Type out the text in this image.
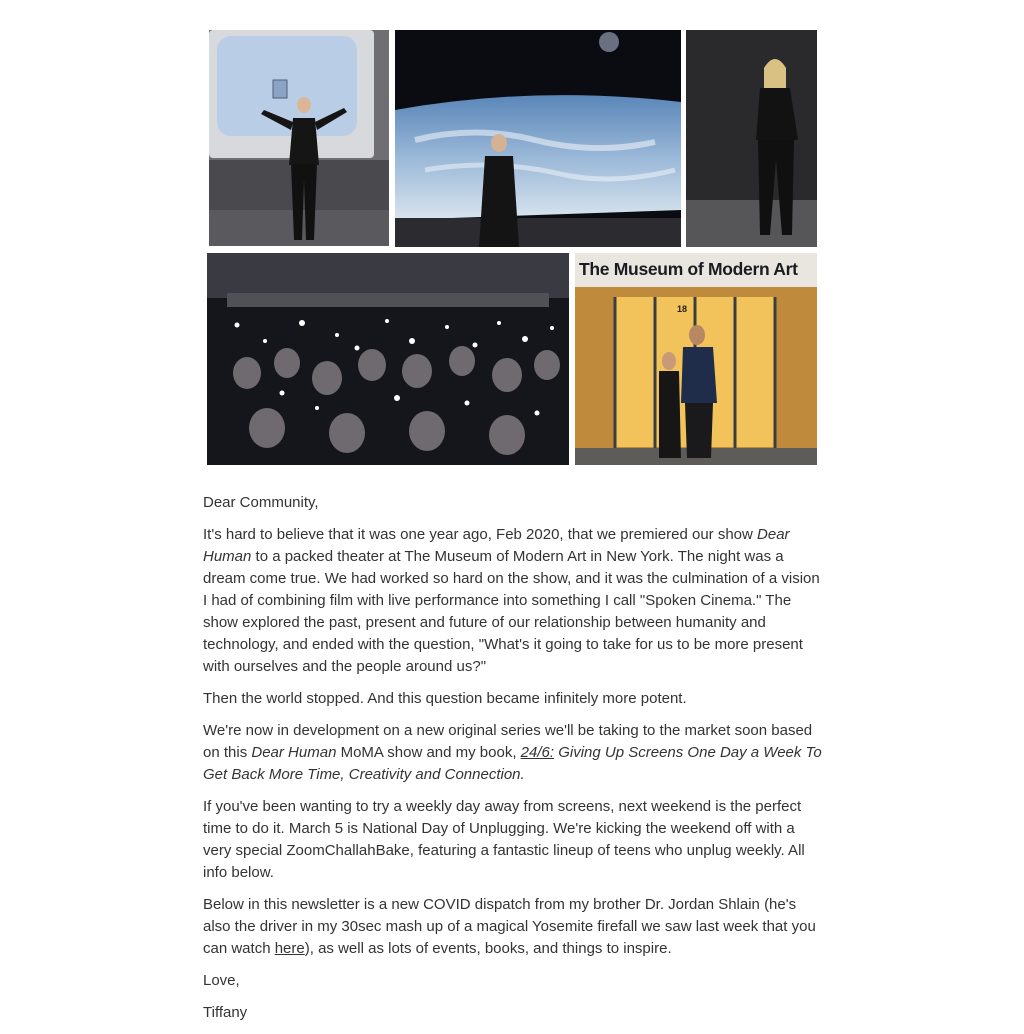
The Museum of Modern Art
18

Dear Community,

It's hard to believe that it was one year ago, Feb 2020, that we premiered our show Dear Human to a packed theater at The Museum of Modern Art in New York. The night was a dream come true. We had worked so hard on the show, and it was the culmination of a vision I had of combining film with live performance into something I call "Spoken Cinema." The show explored the past, present and future of our relationship between humanity and technology, and ended with the question, "What's it going to take for us to be more present with ourselves and the people around us?"

Then the world stopped. And this question became infinitely more potent.

We're now in development on a new original series we'll be taking to the market soon based on this Dear Human MoMA show and my book, 24/6: Giving Up Screens One Day a Week To Get Back More Time, Creativity and Connection.

If you've been wanting to try a weekly day away from screens, next weekend is the perfect time to do it. March 5 is National Day of Unplugging. We're kicking the weekend off with a very special ZoomChallahBake, featuring a fantastic lineup of teens who unplug weekly. All info below.

Below in this newsletter is a new COVID dispatch from my brother Dr. Jordan Shlain (he's also the driver in my 30sec mash up of a magical Yosemite firefall we saw last week that you can watch here), as well as lots of events, books, and things to inspire.

Love,

Tiffany
